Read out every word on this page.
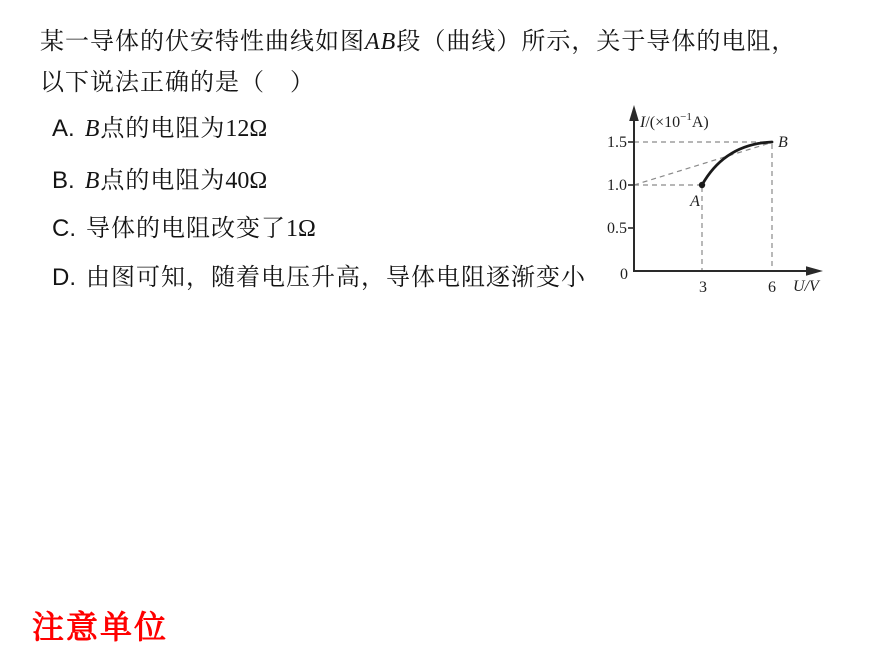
某一导体的伏安特性曲线如图AB段（曲线）所示，关于导体的电阻，

以下说法正确的是（　）

A. B点的电阻为12Ω

B. B点的电阻为40Ω

C. 导体的电阻改变了1Ω

D. 由图可知，随着电压升高，导体电阻逐渐变小

$I/(\times 10^{-1}A)$
1.5
1.0
0.5
0
3	6 U/V
A
B

注意单位
